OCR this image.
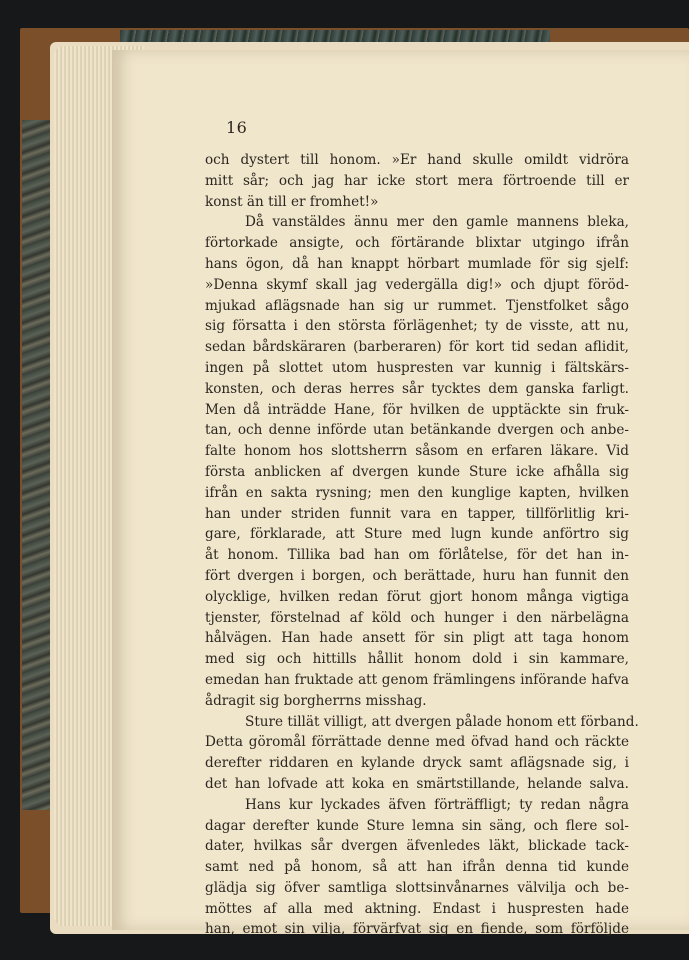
16
och dystert till honom. »Er hand skulle omildt vidröra
mitt sår; och jag har icke stort mera förtroende till er
konst än till er fromhet!»
Då vanstäldes ännu mer den gamle mannens bleka,
förtorkade ansigte, och förtärande blixtar utgingo ifrån
hans ögon, då han knappt hörbart mumlade för sig sjelf:
»Denna skymf skall jag vedergälla dig!» och djupt föröd-
mjukad aflägsnade han sig ur rummet. Tjenstfolket sågo
sig försatta i den största förlägenhet; ty de visste, att nu,
sedan bårdskäraren (barberaren) för kort tid sedan aflidit,
ingen på slottet utom huspresten var kunnig i fältskärs-
konsten, och deras herres sår tycktes dem ganska farligt.
Men då inträdde Hane, för hvilken de upptäckte sin fruk-
tan, och denne införde utan betänkande dvergen och anbe-
falte honom hos slottsherrn såsom en erfaren läkare. Vid
första anblicken af dvergen kunde Sture icke afhålla sig
ifrån en sakta rysning; men den kunglige kapten, hvilken
han under striden funnit vara en tapper, tillförlitlig kri-
gare, förklarade, att Sture med lugn kunde anförtro sig
åt honom. Tillika bad han om förlåtelse, för det han in-
fört dvergen i borgen, och berättade, huru han funnit den
olycklige, hvilken redan förut gjort honom många vigtiga
tjenster, förstelnad af köld och hunger i den närbelägna
hålvägen. Han hade ansett för sin pligt att taga honom
med sig och hittills hållit honom dold i sin kammare,
emedan han fruktade att genom främlingens införande hafva
ådragit sig borgherrns misshag.
Sture tillät villigt, att dvergen pålade honom ett förband.
Detta göromål förrättade denne med öfvad hand och räckte
derefter riddaren en kylande dryck samt aflägsnade sig, i
det han lofvade att koka en smärtstillande, helande salva.
Hans kur lyckades äfven förträffligt; ty redan några
dagar derefter kunde Sture lemna sin säng, och flere sol-
dater, hvilkas sår dvergen äfvenledes läkt, blickade tack-
samt ned på honom, så att han ifrån denna tid kunde
glädja sig öfver samtliga slottsinvånarnes välvilja och be-
möttes af alla med aktning. Endast i huspresten hade
han, emot sin vilja, förvärfvat sig en fiende, som förföljde
